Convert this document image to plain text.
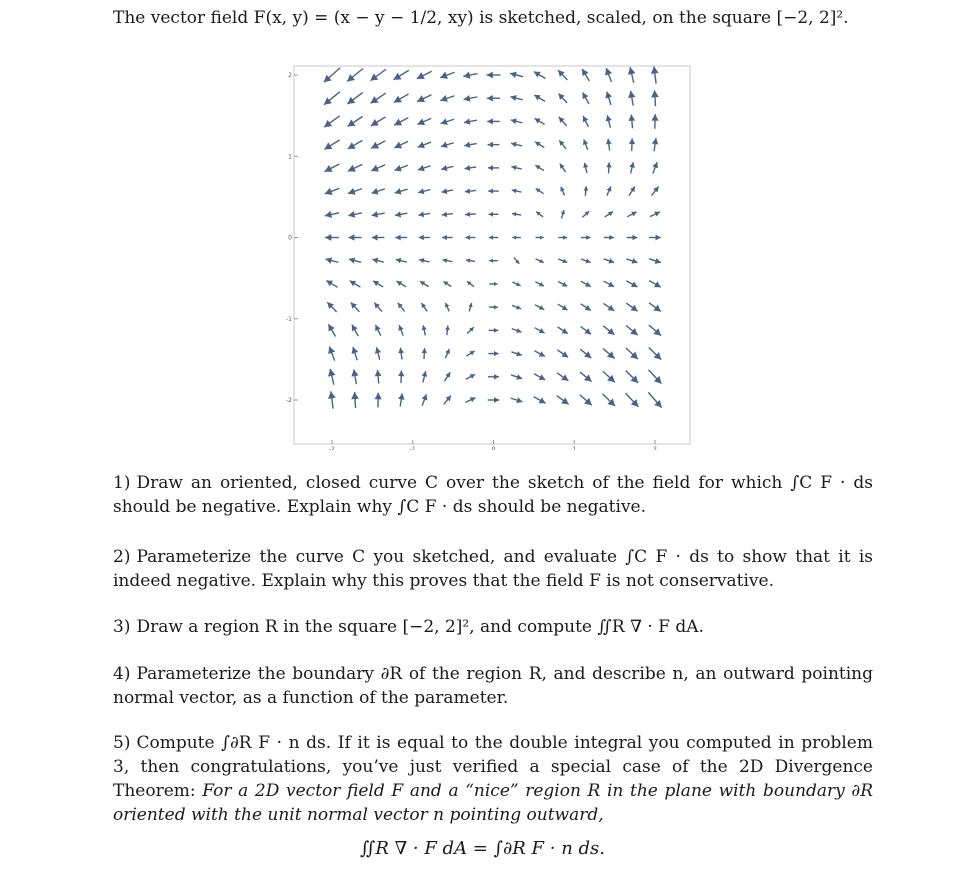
The vector field F(x, y) = (x − y − 1/2, xy) is sketched, scaled, on the square [−2, 2]².
2
1
0
-1
-2
-2	-1	0	1	2

1) Draw an oriented, closed curve C over the sketch of the field for which ∫C F · ds should be negative. Explain why ∫C F · ds should be negative.

2) Parameterize the curve C you sketched, and evaluate ∫C F · ds to show that it is indeed negative. Explain why this proves that the field F is not conservative.

3) Draw a region R in the square [−2, 2]², and compute ∬R ∇ · F dA.

4) Parameterize the boundary ∂R of the region R, and describe n, an outward pointing normal vector, as a function of the parameter.

5) Compute ∫∂R F · n ds. If it is equal to the double integral you computed in problem 3, then congratulations, you’ve just verified a special case of the 2D Divergence Theorem: For a 2D vector field F and a “nice” region R in the plane with boundary ∂R oriented with the unit normal vector n pointing outward,

∬R ∇ · F dA = ∫∂R F · n ds.
